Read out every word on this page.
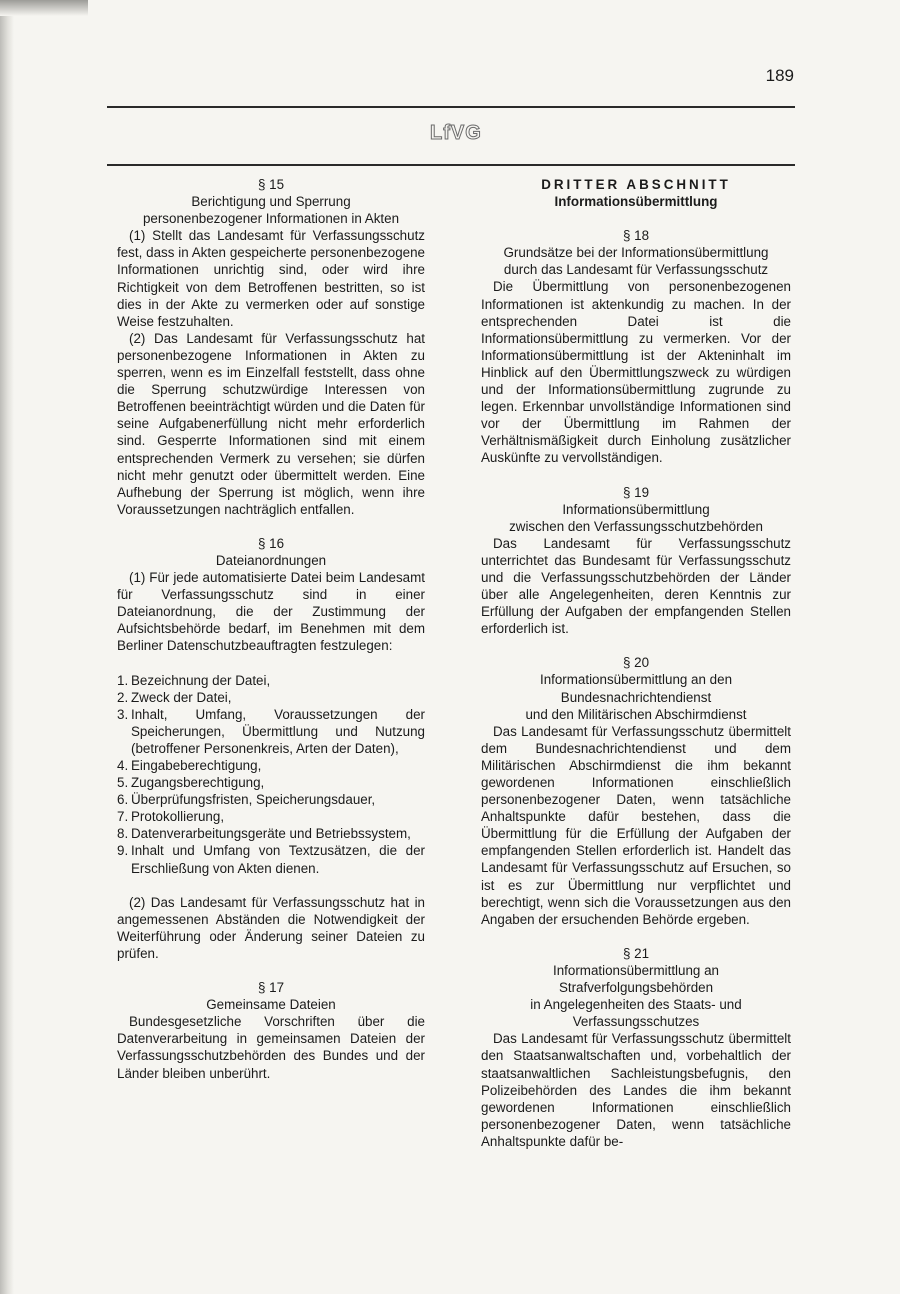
189
LfVG

§ 15

Berichtigung und Sperrung

personenbezogener Informationen in Akten

(1) Stellt das Landesamt für Verfassungsschutz fest, dass in Akten gespeicherte personenbezogene Informationen unrichtig sind, oder wird ihre Richtigkeit von dem Betroffenen bestritten, so ist dies in der Akte zu vermerken oder auf sonstige Weise festzuhalten.

(2) Das Landesamt für Verfassungsschutz hat personenbezogene Informationen in Akten zu sperren, wenn es im Einzelfall feststellt, dass ohne die Sperrung schutzwürdige Interessen von Betroffenen beeinträchtigt würden und die Daten für seine Aufgabenerfüllung nicht mehr erforderlich sind. Gesperrte Informationen sind mit einem entsprechenden Vermerk zu versehen; sie dürfen nicht mehr genutzt oder übermittelt werden. Eine Aufhebung der Sperrung ist möglich, wenn ihre Voraussetzungen nachträglich entfallen.

§ 16

Dateianordnungen

(1) Für jede automatisierte Datei beim Landesamt für Verfassungsschutz sind in einer Dateianordnung, die der Zustimmung der Aufsichtsbehörde bedarf, im Benehmen mit dem Berliner Datenschutzbeauftragten festzulegen:

1. Bezeichnung der Datei,
2. Zweck der Datei,
3. Inhalt, Umfang, Voraussetzungen der Speicherungen, Übermittlung und Nutzung (betroffener Personenkreis, Arten der Daten),
4. Eingabeberechtigung,
5. Zugangsberechtigung,
6. Überprüfungsfristen, Speicherungsdauer,
7. Protokollierung,
8. Datenverarbeitungsgeräte und Betriebssystem,
9. Inhalt und Umfang von Textzusätzen, die der Erschließung von Akten dienen.

(2) Das Landesamt für Verfassungsschutz hat in angemessenen Abständen die Notwendigkeit der Weiterführung oder Änderung seiner Dateien zu prüfen.

§ 17

Gemeinsame Dateien

Bundesgesetzliche Vorschriften über die Datenverarbeitung in gemeinsamen Dateien der Verfassungsschutzbehörden des Bundes und der Länder bleiben unberührt.

DRITTER ABSCHNITT

Informationsübermittlung

§ 18

Grundsätze bei der Informationsübermittlung

durch das Landesamt für Verfassungsschutz

Die Übermittlung von personenbezogenen Informationen ist aktenkundig zu machen. In der entsprechenden Datei ist die Informationsübermittlung zu vermerken. Vor der Informationsübermittlung ist der Akteninhalt im Hinblick auf den Übermittlungszweck zu würdigen und der Informationsübermittlung zugrunde zu legen. Erkennbar unvollständige Informationen sind vor der Übermittlung im Rahmen der Verhältnismäßigkeit durch Einholung zusätzlicher Auskünfte zu vervollständigen.

§ 19

Informationsübermittlung

zwischen den Verfassungsschutzbehörden

Das Landesamt für Verfassungsschutz unterrichtet das Bundesamt für Verfassungsschutz und die Verfassungsschutzbehörden der Länder über alle Angelegenheiten, deren Kenntnis zur Erfüllung der Aufgaben der empfangenden Stellen erforderlich ist.

§ 20

Informationsübermittlung an den

Bundesnachrichtendienst

und den Militärischen Abschirmdienst

Das Landesamt für Verfassungsschutz übermittelt dem Bundesnachrichtendienst und dem Militärischen Abschirmdienst die ihm bekannt gewordenen Informationen einschließlich personenbezogener Daten, wenn tatsächliche Anhaltspunkte dafür bestehen, dass die Übermittlung für die Erfüllung der Aufgaben der empfangenden Stellen erforderlich ist. Handelt das Landesamt für Verfassungsschutz auf Ersuchen, so ist es zur Übermittlung nur verpflichtet und berechtigt, wenn sich die Voraussetzungen aus den Angaben der ersuchenden Behörde ergeben.

§ 21

Informationsübermittlung an

Strafverfolgungsbehörden

in Angelegenheiten des Staats- und

Verfassungsschutzes

Das Landesamt für Verfassungsschutz übermittelt den Staatsanwaltschaften und, vorbehaltlich der staatsanwaltlichen Sachleistungsbefugnis, den Polizeibehörden des Landes die ihm bekannt gewordenen Informationen einschließlich personenbezogener Daten, wenn tatsächliche Anhaltspunkte dafür be-
